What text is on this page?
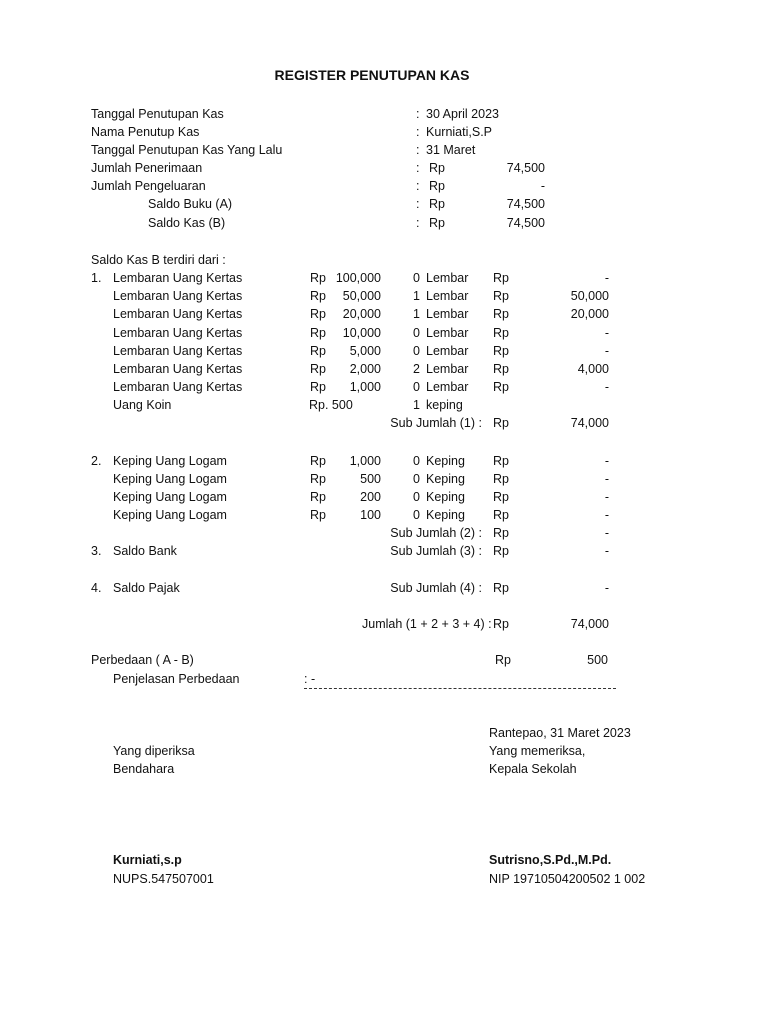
REGISTER PENUTUPAN KAS
Tanggal Penutupan Kas	: 30 April 2023
Nama Penutup Kas	: Kurniati,S.P
Tanggal Penutupan Kas Yang Lalu	: 31 Maret
Jumlah Penerimaan	: Rp	74,500
Jumlah Pengeluaran	: Rp	-
Saldo Buku (A)	: Rp	74,500
Saldo Kas (B)	: Rp	74,500
Saldo Kas B terdiri dari :
1. Lembaran Uang Kertas	Rp 100,000	0 Lembar Rp	-
Lembaran Uang Kertas	Rp	50,000	1 Lembar Rp	50,000
Lembaran Uang Kertas	Rp	20,000	1 Lembar Rp	20,000
Lembaran Uang Kertas	Rp	10,000	0 Lembar Rp	-
Lembaran Uang Kertas	Rp	5,000	0 Lembar Rp	-
Lembaran Uang Kertas	Rp	2,000	2 Lembar Rp	4,000
Lembaran Uang Kertas	Rp	1,000	0 Lembar Rp	-
Uang Koin	Rp. 500	1 keping
Sub Jumlah (1) : Rp	74,000
2. Keping Uang Logam	Rp	1,000	0 Keping Rp	-
Keping Uang Logam	Rp	500	0 Keping Rp	-
Keping Uang Logam	Rp	200	0 Keping Rp	-
Keping Uang Logam	Rp	100	0 Keping Rp	-
Sub Jumlah (2) : Rp	-
3. Saldo Bank	Sub Jumlah (3) : Rp	-
4. Saldo Pajak	Sub Jumlah (4) : Rp	-
Jumlah (1 + 2 + 3 + 4) : Rp	74,000
Perbedaan ( A - B)	Rp	500
Penjelasan Perbedaan	: -
Rantepao, 31 Maret 2023
Yang diperiksa	Yang memeriksa,
Bendahara	Kepala Sekolah
Kurniati,s.p	Sutrisno,S.Pd.,M.Pd.
NUPS.547507001	NIP 19710504200502 1 002
